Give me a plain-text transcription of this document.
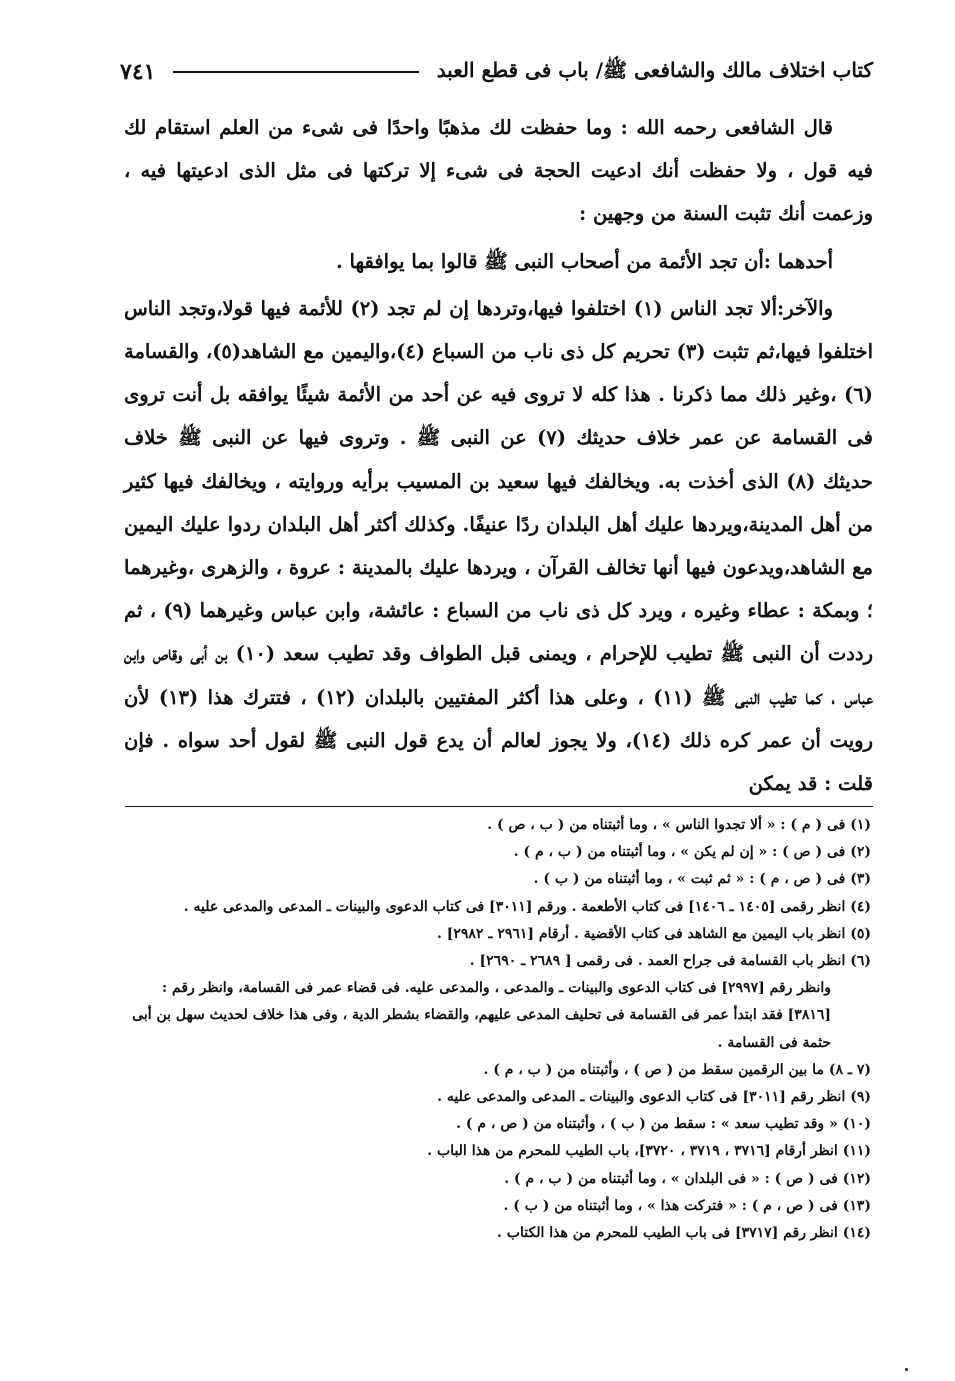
كتاب اختلاف مالك والشافعى ﷺ/ باب فى قطع العبد
٧٤١

قال الشافعى رحمه الله : وما حفظت لك مذهبًا واحدًا فى شىء من العلم استقام لك فيه قول ، ولا حفظت أنك ادعيت الحجة فى شىء إلا تركتها فى مثل الذى ادعيتها فيه ، وزعمت أنك تثبت السنة من وجهين :

أحدهما :أن تجد الأئمة من أصحاب النبى ﷺ قالوا بما يوافقها .

والآخر:ألا تجد الناس (١) اختلفوا فيها،وتردها إن لم تجد (٢) للأئمة فيها قولا،وتجد الناس اختلفوا فيها،ثم تثبت (٣) تحريم كل ذى ناب من السباع (٤)،واليمين مع الشاهد(٥)، والقسامة (٦) ،وغير ذلك مما ذكرنا . هذا كله لا تروى فيه عن أحد من الأئمة شيئًا يوافقه بل أنت تروى فى القسامة عن عمر خلاف حديثك (٧) عن النبى ﷺ . وتروى فيها عن النبى ﷺ خلاف حديثك (٨) الذى أخذت به. ويخالفك فيها سعيد بن المسيب برأيه وروايته ، ويخالفك فيها كثير من أهل المدينة،ويردها عليك أهل البلدان ردًا عنيفًا. وكذلك أكثر أهل البلدان ردوا عليك اليمين مع الشاهد،ويدعون فيها أنها تخالف القرآن ، ويردها عليك بالمدينة : عروة ، والزهرى ،وغيرهما ؛ وبمكة : عطاء وغيره ، ويرد كل ذى ناب من السباع : عائشة، وابن عباس وغيرهما (٩) ، ثم رددت أن النبى ﷺ تطيب للإحرام ، ويمنى قبل الطواف وقد تطيب سعد (١٠) بن أبى وقاص وابن عباس ، كما تطيب النبى ﷺ (١١) ، وعلى هذا أكثر المفتيين بالبلدان (١٢) ، فتترك هذا (١٣) لأن رويت أن عمر كره ذلك (١٤)، ولا يجوز لعالم أن يدع قول النبى ﷺ لقول أحد سواه . فإن قلت : قد يمكن

(١) فى ( م ) : « ألا تجدوا الناس » ، وما أثبتناه من ( ب ، ص ) .

(٢) فى ( ص ) : « إن لم يكن » ، وما أثبتناه من ( ب ، م ) .

(٣) فى ( ص ، م ) : « ثم ثبت » ، وما أثبتناه من ( ب ) .

(٤) انظر رقمى [١٤٠٥ ـ ١٤٠٦] فى كتاب الأطعمة . ورقم [٣٠١١] فى كتاب الدعوى والبينات ـ المدعى والمدعى عليه .

(٥) انظر باب اليمين مع الشاهد فى كتاب الأقضية . أرقام [٢٩٦١ ـ ٢٩٨٢] .

(٦) انظر باب القسامة فى جراح العمد . فى رقمى [ ٢٦٨٩ ـ ٢٦٩٠] .

وانظر رقم [٢٩٩٧] فى كتاب الدعوى والبينات ـ والمدعى ، والمدعى عليه. فى قضاء عمر فى القسامة، وانظر رقم : [٣٨١٦] فقد ابتدأ عمر فى القسامة فى تحليف المدعى عليهم، والقضاء بشطر الدية ، وفى هذا خلاف لحديث سهل بن أبى حثمة فى القسامة .

(٧ ـ ٨) ما بين الرقمين سقط من ( ص ) ، وأثبتناه من ( ب ، م ) .

(٩) انظر رقم [٣٠١١] فى كتاب الدعوى والبينات ـ المدعى والمدعى عليه .

(١٠) « وقد تطيب سعد » : سقط من ( ب ) ، وأثبتناه من ( ص ، م ) .

(١١) انظر أرقام [٣٧١٦ ، ٣٧١٩ ، ٣٧٢٠]، باب الطيب للمحرم من هذا الباب .

(١٢) فى ( ص ) : « فى البلدان » ، وما أثبتناه من ( ب ، م ) .

(١٣) فى ( ص ، م ) : « فتركت هذا » ، وما أثبتناه من ( ب ) .

(١٤) انظر رقم [٣٧١٧] فى باب الطيب للمحرم من هذا الكتاب .
